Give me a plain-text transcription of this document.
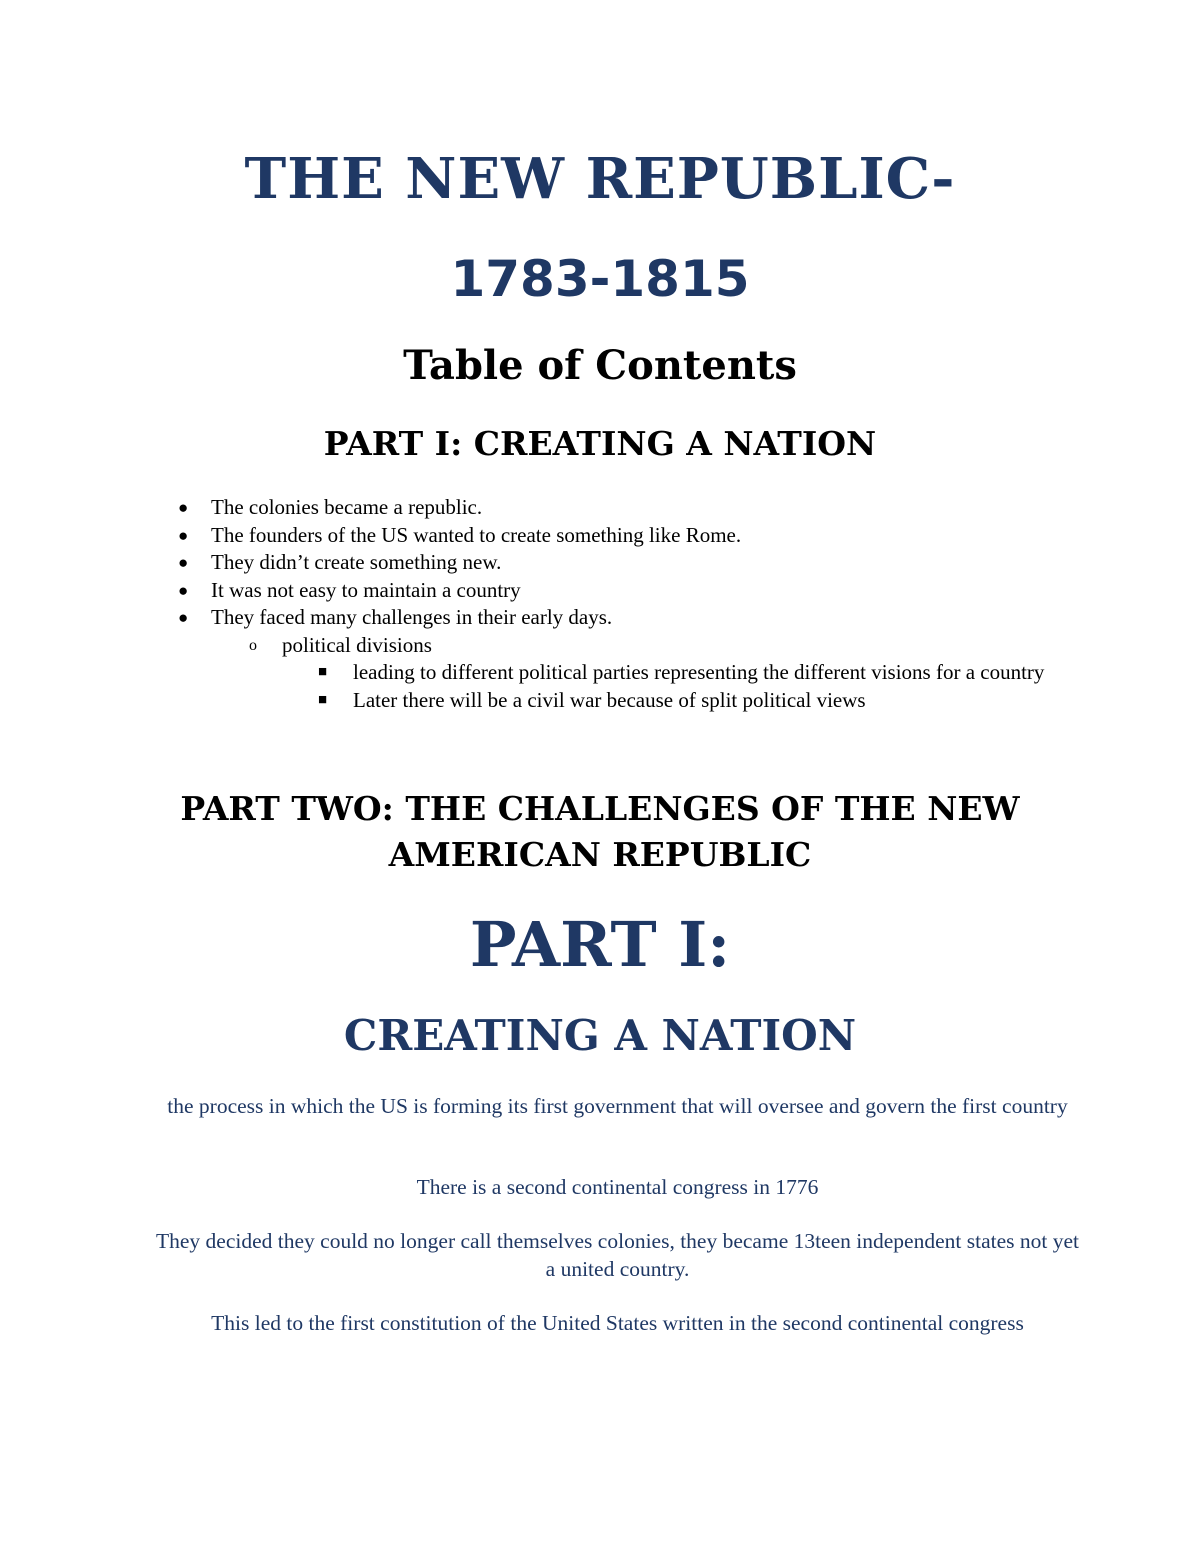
THE NEW REPUBLIC-
1783-1815
Table of Contents
PART I: CREATING A NATION
● The colonies became a republic.
● The founders of the US wanted to create something like Rome.
● They didn’t create something new.
● It was not easy to maintain a country
● They faced many challenges in their early days.
o political divisions
■ leading to different political parties representing the different visions for a country
■ Later there will be a civil war because of split political views
PART TWO: THE CHALLENGES OF THE NEW AMERICAN REPUBLIC
PART I:
CREATING A NATION

the process in which the US is forming its first government that will oversee and govern the first country

There is a second continental congress in 1776

They decided they could no longer call themselves colonies, they became 13teen independent states not yet a united country.

This led to the first constitution of the United States written in the second continental congress
